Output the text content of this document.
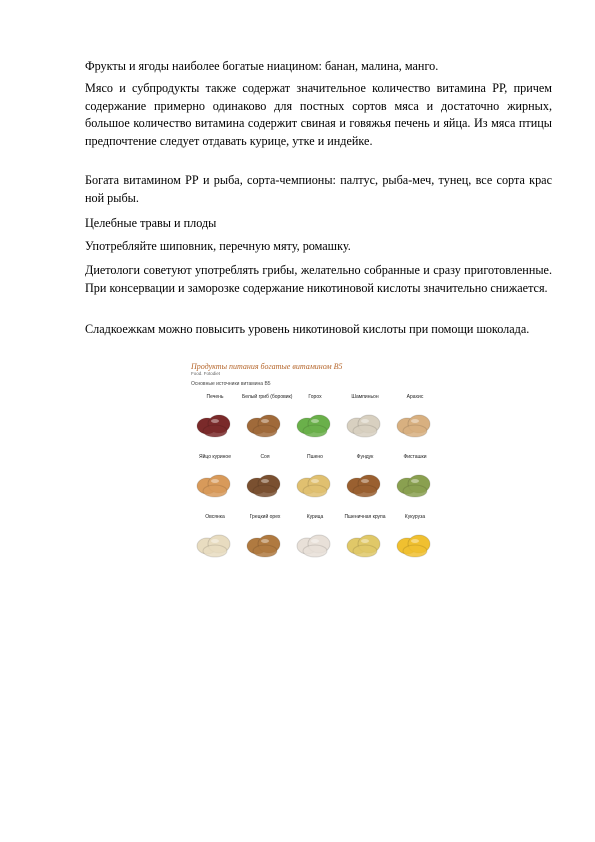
Фрукты и ягоды наиболее богатые ниацином: банан, малина, манго.

Мясо и субпродукты также содержат значительное количество витамина РР, причем содержание примерно одинаково для постных сортов мяса и достаточно жирных, большое количество витамина содержит свиная и говяжья печень и яйца. Из мяса птицы предпочтение следует отдавать курице, утке и индейке.

Богата витамином РР и рыба, сорта-чемпионы: палтус, рыба-меч, тунец, все сорта крас ной рыбы.

Целебные травы и плоды

Употребляйте шиповник, перечную мяту, ромашку.

Диетологи советуют употреблять грибы, желательно собранные и сразу приготовленные. При консервации и заморозке содержание никотиновой кислоты значительно снижается.

Сладкоежкам можно повысить уровень никотиновой кислоты при помощи шоколада.

Продукты питания богатые витамином В5
Food. Fotodiet
Основные источники витамина В5
Печень	Белый гриб (боровик)	Горох	Шампиньон	Арахис
Яйцо куриное	Соя	Пшено	Фундук	Фисташки
Овсянка	Грецкий орех	Курица	Пшеничная крупа	Кукуруза
